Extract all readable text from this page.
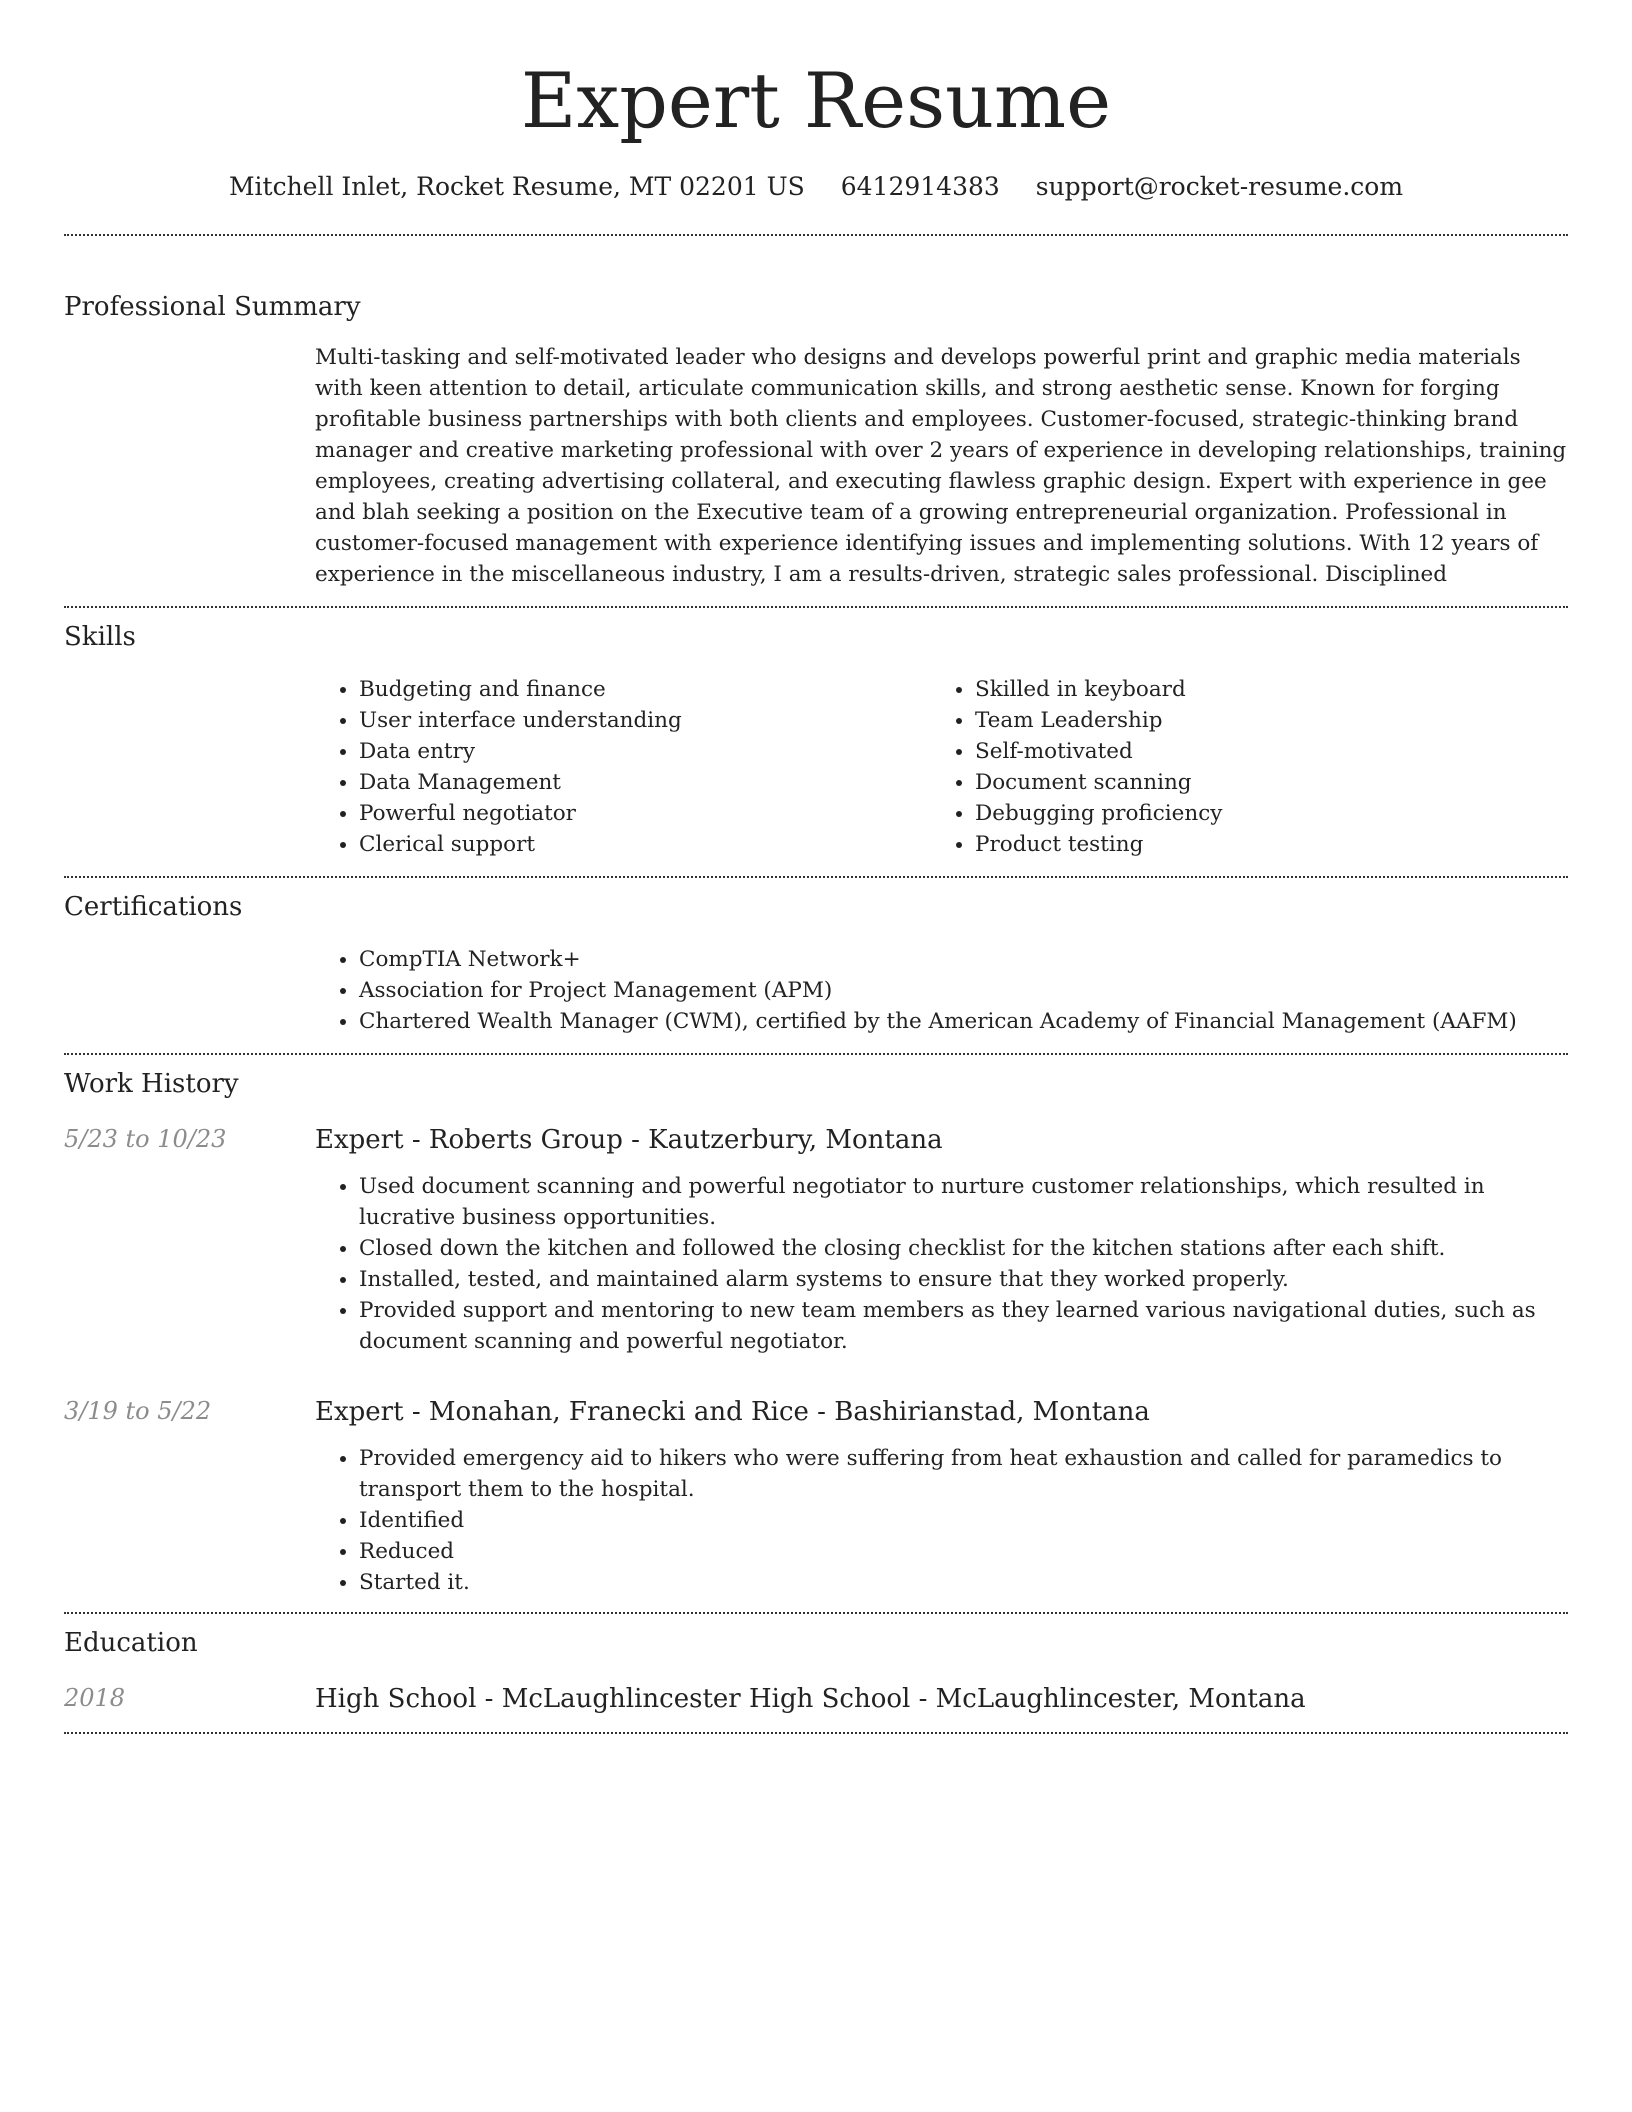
Expert Resume
Mitchell Inlet, Rocket Resume, MT 02201 US 6412914383 support@rocket-resume.com
Professional Summary

Multi-tasking and self-motivated leader who designs and develops powerful print and graphic media materials with keen attention to detail, articulate communication skills, and strong aesthetic sense. Known for forging profitable business partnerships with both clients and employees. Customer-focused, strategic-thinking brand manager and creative marketing professional with over 2 years of experience in developing relationships, training employees, creating advertising collateral, and executing flawless graphic design. Expert with experience in gee and blah seeking a position on the Executive team of a growing entrepreneurial organization. Professional in customer-focused management with experience identifying issues and implementing solutions. With 12 years of experience in the miscellaneous industry, I am a results-driven, strategic sales professional. Disciplined

Skills
• Budgeting and finance
• User interface understanding
• Data entry
• Data Management
• Powerful negotiator
• Clerical support
• Skilled in keyboard
• Team Leadership
• Self-motivated
• Document scanning
• Debugging proficiency
• Product testing
Certifications
• CompTIA Network+
• Association for Project Management (APM)
• Chartered Wealth Manager (CWM), certified by the American Academy of Financial Management (AAFM)
Work History
5/23 to 10/23	Expert - Roberts Group - Kautzerbury, Montana
• Used document scanning and powerful negotiator to nurture customer relationships, which resulted in lucrative business opportunities.
• Closed down the kitchen and followed the closing checklist for the kitchen stations after each shift.
• Installed, tested, and maintained alarm systems to ensure that they worked properly.
• Provided support and mentoring to new team members as they learned various navigational duties, such as document scanning and powerful negotiator.
3/19 to 5/22	Expert - Monahan, Franecki and Rice - Bashirianstad, Montana
• Provided emergency aid to hikers who were suffering from heat exhaustion and called for paramedics to transport them to the hospital.
• Identified
• Reduced
• Started it.
Education
2018	High School - McLaughlincester High School - McLaughlincester, Montana
